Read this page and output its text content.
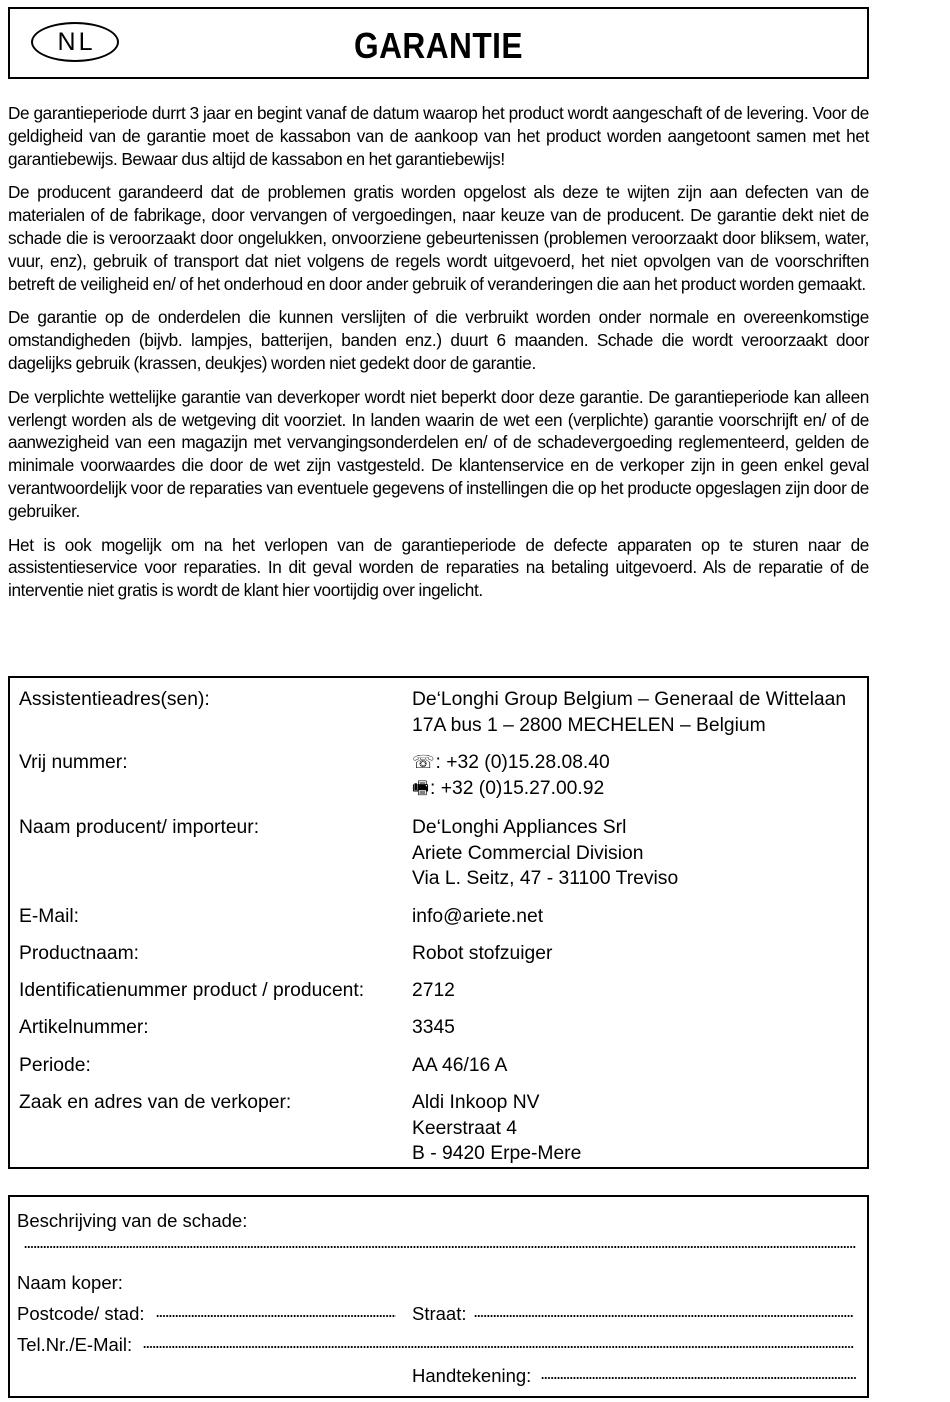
NL	GARANTIE

De garantieperiode durrt 3 jaar en begint vanaf de datum waarop het product wordt aangeschaft of de levering. Voor de geldigheid van de garantie moet de kassabon van de aankoop van het product worden aangetoont samen met het garantiebewijs. Bewaar dus altijd de kassabon en het garantiebewijs!

De producent garandeerd dat de problemen gratis worden opgelost als deze te wijten zijn aan defecten van de materialen of de fabrikage, door vervangen of vergoedingen, naar keuze van de producent. De garantie dekt niet de schade die is veroorzaakt door ongelukken, onvoorziene gebeurtenissen (problemen veroorzaakt door bliksem, water, vuur, enz), gebruik of transport dat niet volgens de regels wordt uitgevoerd, het niet opvolgen van de voorschriften betreft de veiligheid en/ of het onderhoud en door ander gebruik of veranderingen die aan het product worden gemaakt.

De garantie op de onderdelen die kunnen verslijten of die verbruikt worden onder normale en overeenkomstige omstandigheden (bijvb. lampjes, batterijen, banden enz.) duurt 6 maanden. Schade die wordt veroorzaakt door dagelijks gebruik (krassen, deukjes) worden niet gedekt door de garantie.

De verplichte wettelijke garantie van deverkoper wordt niet beperkt door deze garantie. De garantieperiode kan alleen verlengt worden als de wetgeving dit voorziet. In landen waarin de wet een (verplichte) garantie voorschrijft en/ of de aanwezigheid van een magazijn met vervangingsonderdelen en/ of de schadevergoeding reglementeerd, gelden de minimale voorwaardes die door de wet zijn vastgesteld. De klantenservice en de verkoper zijn in geen enkel geval verantwoordelijk voor de reparaties van eventuele gegevens of instellingen die op het producte opgeslagen zijn door de gebruiker.

Het is ook mogelijk om na het verlopen van de garantieperiode de defecte apparaten op te sturen naar de assistentieservice voor reparaties. In dit geval worden de reparaties na betaling uitgevoerd. Als de reparatie of de interventie niet gratis is wordt de klant hier voortijdig over ingelicht.

Assistentieadres(sen):	De‘Longhi Group Belgium – Generaal de Wittelaan
17A bus 1 – 2800 MECHELEN – Belgium
Vrij nummer:	☏: +32 (0)15.28.08.40
🖷: +32 (0)15.27.00.92
Naam producent/ importeur:	De‘Longhi Appliances Srl
Ariete Commercial Division
Via L. Seitz, 47 - 31100 Treviso
E-Mail:	info@ariete.net
Productnaam:	Robot stofzuiger
Identificatienummer product / producent: 2712
Artikelnummer:	3345
Periode:	AA 46/16 A
Zaak en adres van de verkoper:	Aldi Inkoop NV
Keerstraat 4
B - 9420 Erpe-Mere
Beschrijving van de schade:
Naam koper:
Postcode/ stad:	Straat:
Tel.Nr./E-Mail:
Handtekening:
